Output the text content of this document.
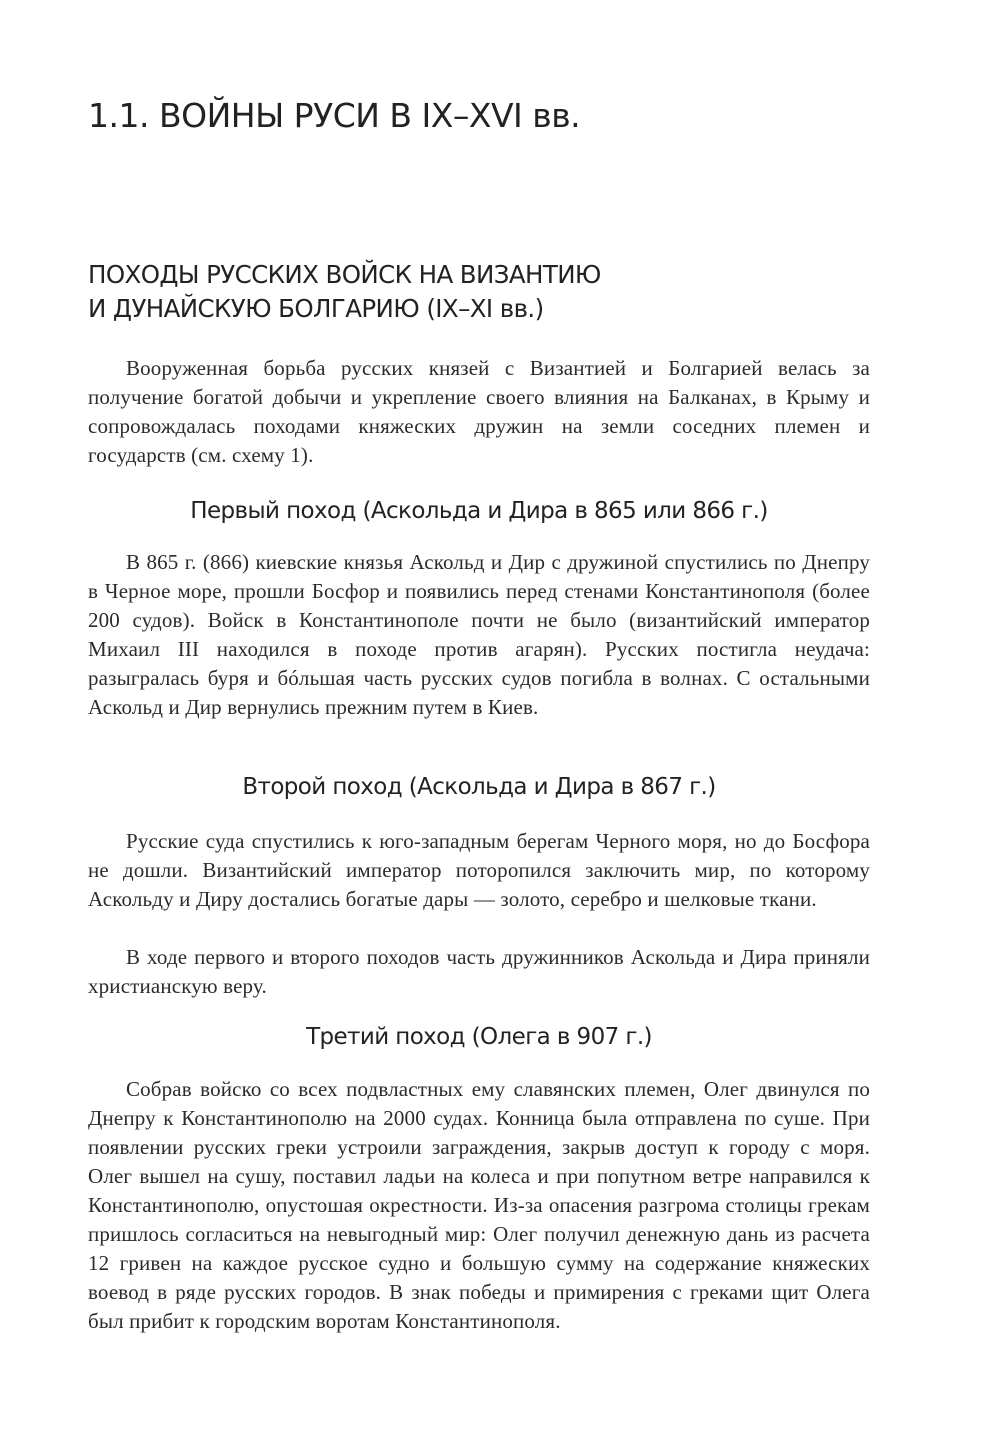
1.1. ВОЙНЫ РУСИ В IX–XVI вв.
ПОХОДЫ РУССКИХ ВОЙСК НА ВИЗАНТИЮ
И ДУНАЙСКУЮ БОЛГАРИЮ (IX–XI вв.)

Вооруженная борьба русских князей с Византией и Болгарией велась за получение богатой добычи и укрепление своего влияния на Балканах, в Крыму и сопровождалась походами княжеских дружин на земли соседних племен и государств (см. схему 1).

Первый поход (Аскольда и Дира в 865 или 866 г.)

В 865 г. (866) киевские князья Аскольд и Дир с дружиной спустились по Днепру в Черное море, прошли Босфор и появились перед стенами Константинополя (более 200 судов). Войск в Константинополе почти не было (византийский император Михаил III находился в походе против агарян). Русских постигла неудача: разыгралась буря и бóльшая часть русских судов погибла в волнах. С остальными Аскольд и Дир вернулись прежним путем в Киев.

Второй поход (Аскольда и Дира в 867 г.)

Русские суда спустились к юго-западным берегам Черного моря, но до Босфора не дошли. Византийский император поторопился заключить мир, по которому Аскольду и Диру достались богатые дары — золото, серебро и шелковые ткани.

В ходе первого и второго походов часть дружинников Аскольда и Дира приняли христианскую веру.

Третий поход (Олега в 907 г.)

Собрав войско со всех подвластных ему славянских племен, Олег двинулся по Днепру к Константинополю на 2000 судах. Конница была отправлена по суше. При появлении русских греки устроили заграждения, закрыв доступ к городу с моря. Олег вышел на сушу, поставил ладьи на колеса и при попутном ветре направился к Константинополю, опустошая окрестности. Из-за опасения разгрома столицы грекам пришлось согласиться на невыгодный мир: Олег получил денежную дань из расчета 12 гривен на каждое русское судно и большую сумму на содержание княжеских воевод в ряде русских городов. В знак победы и примирения с греками щит Олега был прибит к городским воротам Константинополя.
